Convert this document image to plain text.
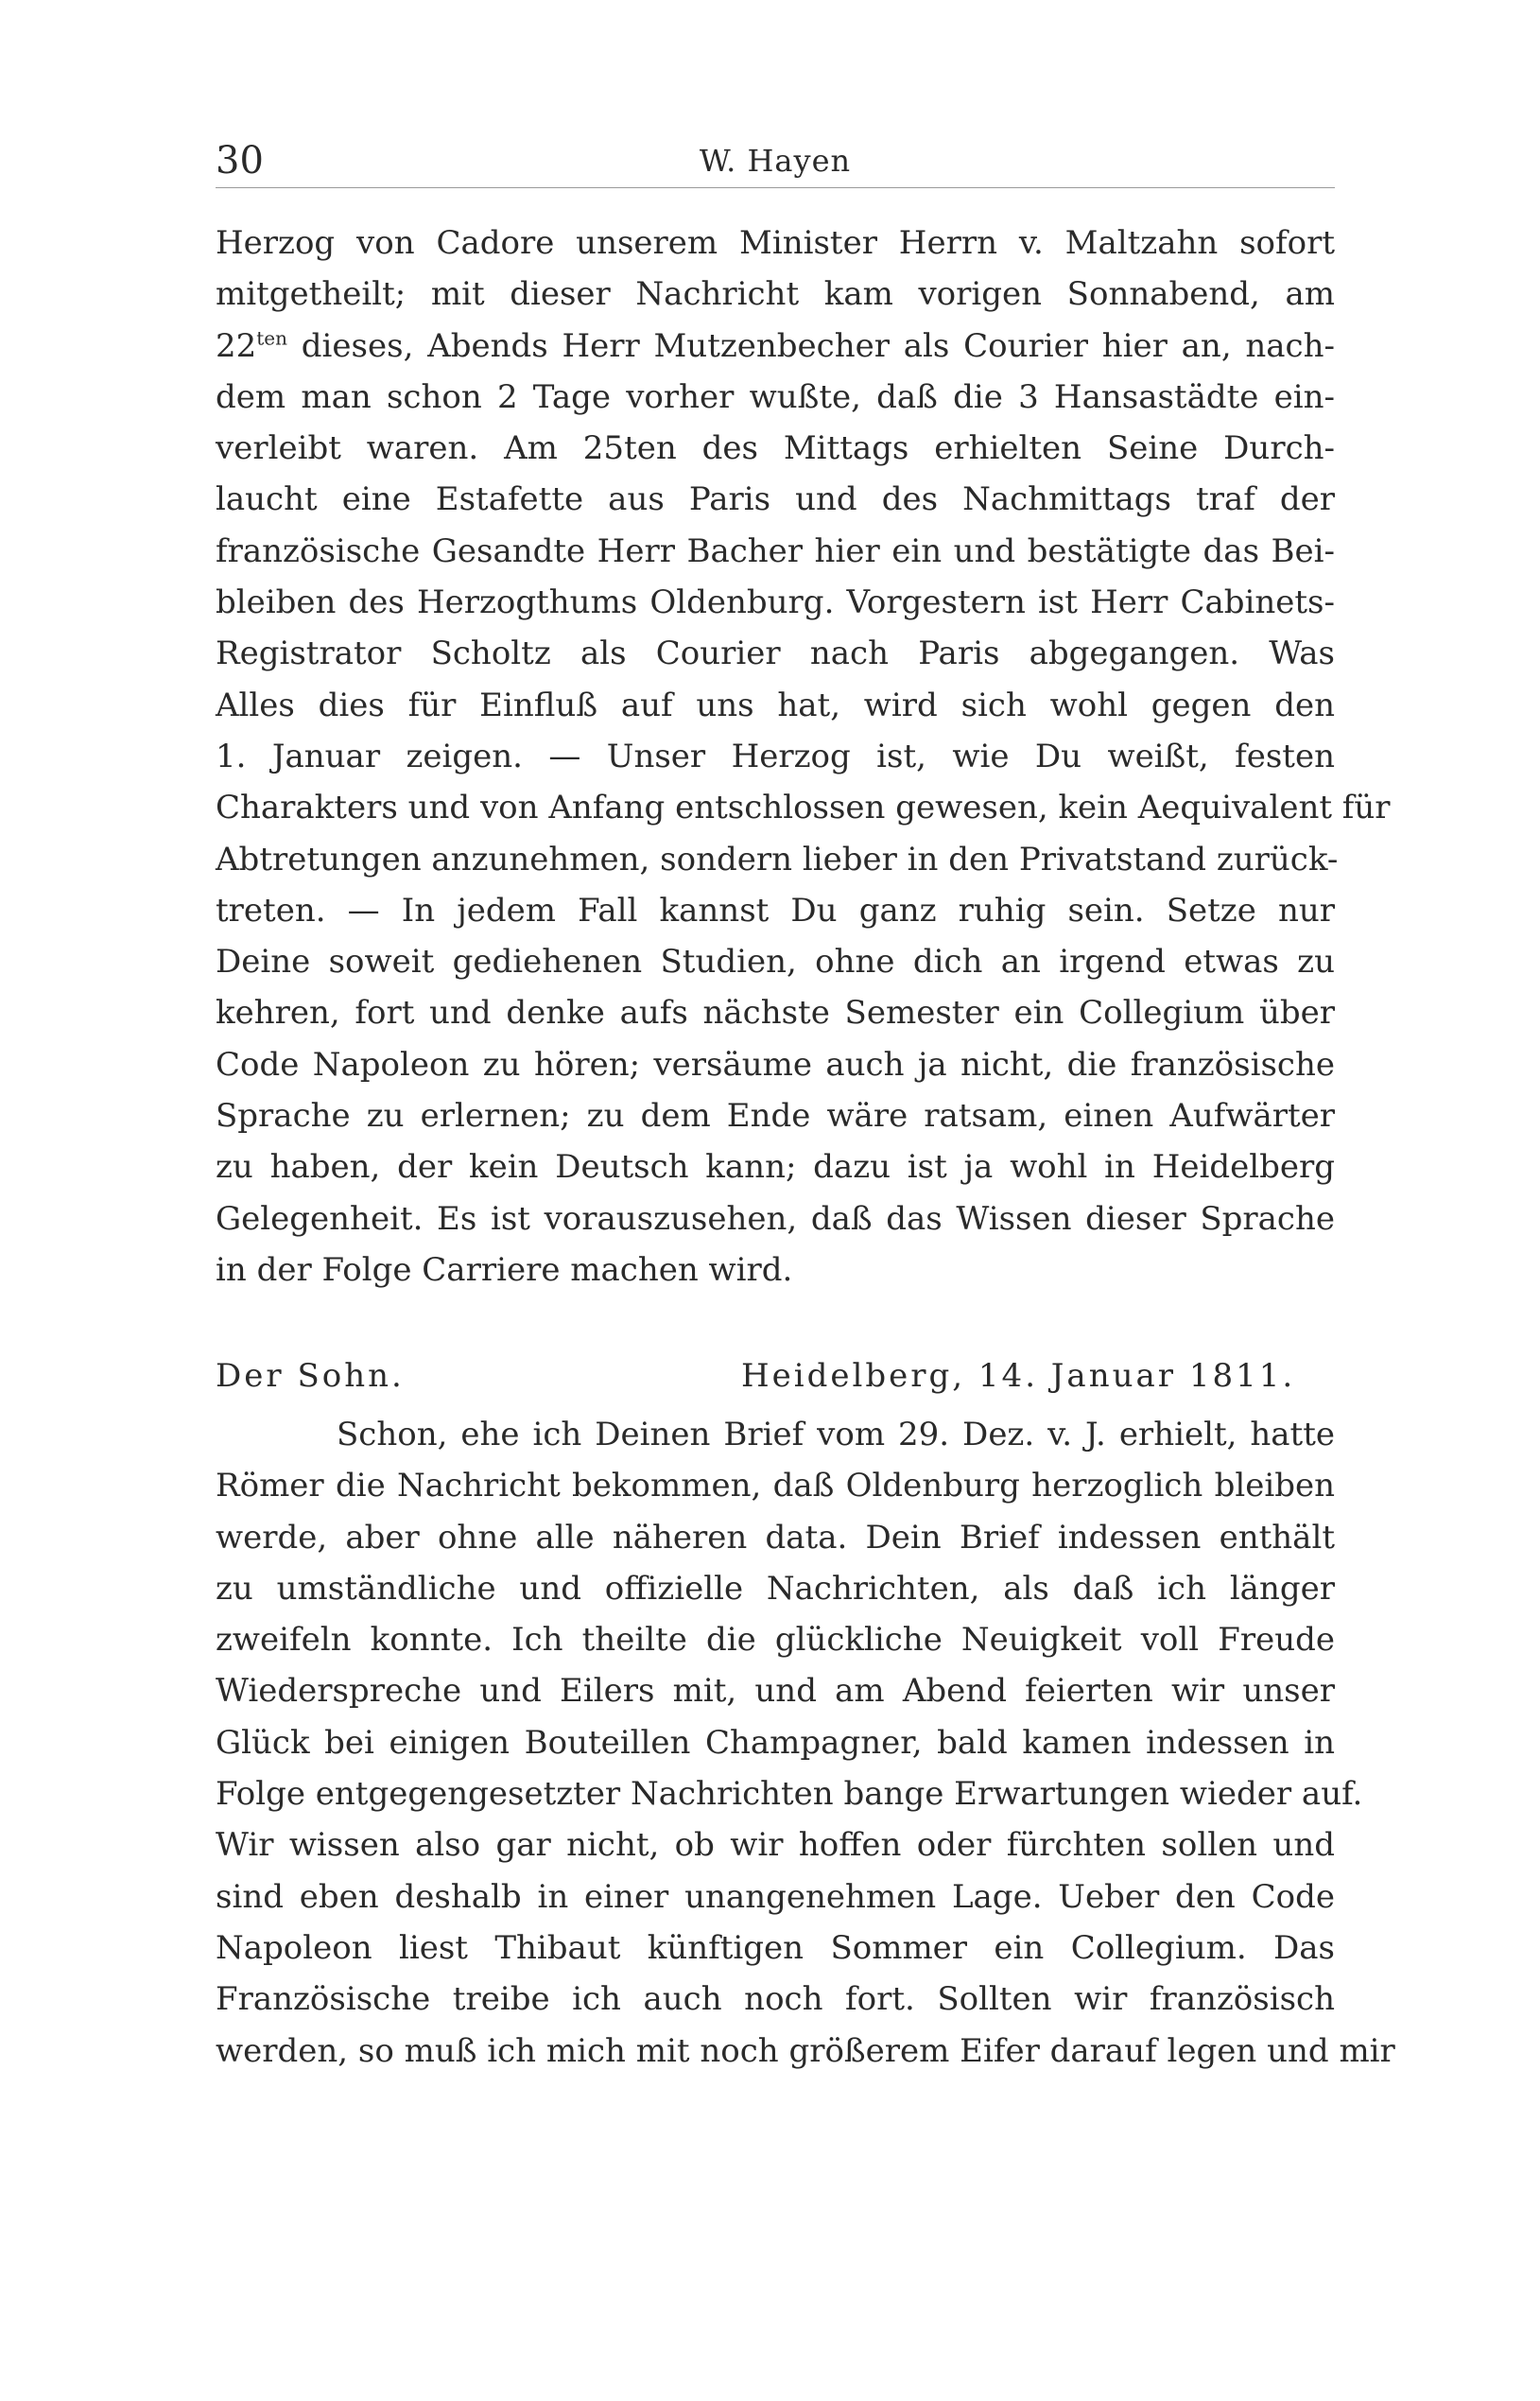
30	W. Hayen
Herzog von Cadore unserem Minister Herrn v. Maltzahn sofort
mitgetheilt; mit dieser Nachricht kam vorigen Sonnabend, am
$22^{ten}$ dieses, Abends Herr Mutzenbecher als Courier hier an, nach-
dem man schon 2 Tage vorher wußte, daß die 3 Hansastädte ein-
verleibt waren. Am 25ten des Mittags erhielten Seine Durch-
laucht eine Estafette aus Paris und des Nachmittags traf der
französische Gesandte Herr Bacher hier ein und bestätigte das Bei-
bleiben des Herzogthums Oldenburg. Vorgestern ist Herr Cabinets-
Registrator Scholtz als Courier nach Paris abgegangen. Was
Alles dies für Einfluß auf uns hat, wird sich wohl gegen den
1. Januar zeigen. — Unser Herzog ist, wie Du weißt, festen
Charakters und von Anfang entschlossen gewesen, kein Aequivalent für
Abtretungen anzunehmen, sondern lieber in den Privatstand zurück-
treten. — In jedem Fall kannst Du ganz ruhig sein. Setze nur
Deine soweit gediehenen Studien, ohne dich an irgend etwas zu
kehren, fort und denke aufs nächste Semester ein Collegium über
Code Napoleon zu hören; versäume auch ja nicht, die französische
Sprache zu erlernen; zu dem Ende wäre ratsam, einen Aufwärter
zu haben, der kein Deutsch kann; dazu ist ja wohl in Heidelberg
Gelegenheit. Es ist vorauszusehen, daß das Wissen dieser Sprache
in der Folge Carriere machen wird.
Der Sohn.	Heidelberg, 14. Januar 1811.
Schon, ehe ich Deinen Brief vom 29. Dez. v. J. erhielt, hatte
Römer die Nachricht bekommen, daß Oldenburg herzoglich bleiben
werde, aber ohne alle näheren data. Dein Brief indessen enthält
zu umständliche und offizielle Nachrichten, als daß ich länger
zweifeln konnte. Ich theilte die glückliche Neuigkeit voll Freude
Wiederspreche und Eilers mit, und am Abend feierten wir unser
Glück bei einigen Bouteillen Champagner, bald kamen indessen in
Folge entgegengesetzter Nachrichten bange Erwartungen wieder auf.
Wir wissen also gar nicht, ob wir hoffen oder fürchten sollen und
sind eben deshalb in einer unangenehmen Lage. Ueber den Code
Napoleon liest Thibaut künftigen Sommer ein Collegium. Das
Französische treibe ich auch noch fort. Sollten wir französisch
werden, so muß ich mich mit noch größerem Eifer darauf legen und mir
